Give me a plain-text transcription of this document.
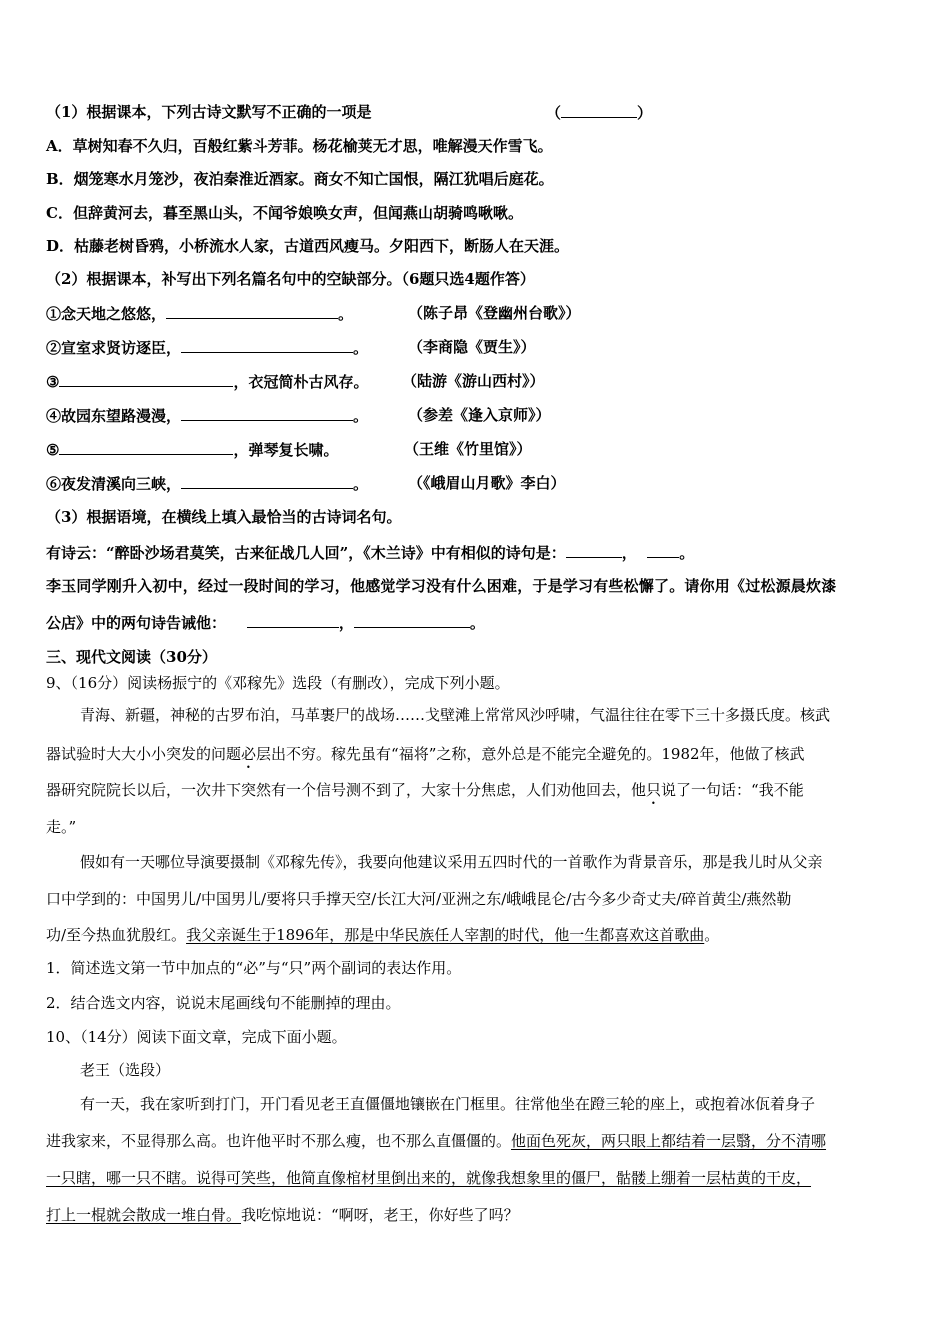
（1）根据课本，下列古诗文默写不正确的一项是	（	）
A．草树知春不久归，百般红紫斗芳菲。杨花榆荚无才思，唯解漫天作雪飞。
B．烟笼寒水月笼沙，夜泊秦淮近酒家。商女不知亡国恨，隔江犹唱后庭花。
C．但辞黄河去，暮至黑山头，不闻爷娘唤女声，但闻燕山胡骑鸣啾啾。
D．枯藤老树昏鸦，小桥流水人家，古道西风瘦马。夕阳西下，断肠人在天涯。
（2）根据课本，补写出下列名篇名句中的空缺部分。（6题只选4题作答）
①念天地之悠悠，	。	（陈子昂《登幽州台歌》）
②宣室求贤访逐臣，	。	（李商隐《贾生》）
③	，衣冠简朴古风存。 （陆游《游山西村》）
④故园东望路漫漫，	。	（参差《逢入京师》）
⑤	，弹琴复长啸。	（王维《竹里馆》）
⑥夜发清溪向三峡，	。	（《峨眉山月歌》李白）
（3）根据语境，在横线上填入最恰当的古诗词名句。
有诗云：“醉卧沙场君莫笑，古来征战几人回”，《木兰诗》中有相似的诗句是：	，	。
李玉同学刚升入初中，经过一段时间的学习，他感觉学习没有什么困难，于是学习有些松懈了。请你用《过松源晨炊漆
公店》中的两句诗告诫他：	，	。
三、现代文阅读（30分）
9、（16分）阅读杨振宁的《邓稼先》选段（有删改），完成下列小题。
青海、新疆，神秘的古罗布泊，马革裹尸的战场……戈壁滩上常常风沙呼啸，气温往往在零下三十多摄氏度。核武
器试验时大大小小突发的问题必层出不穷。稼先虽有“福将”之称，意外总是不能完全避免的。1982年，他做了核武
器研究院院长以后，一次井下突然有一个信号测不到了，大家十分焦虑，人们劝他回去，他只说了一句话：“我不能
走。”
假如有一天哪位导演要摄制《邓稼先传》，我要向他建议采用五四时代的一首歌作为背景音乐，那是我儿时从父亲
口中学到的：中国男儿/中国男儿/要将只手撑天空/长江大河/亚洲之东/峨峨昆仑/古今多少奇丈夫/碎首黄尘/燕然勒
功/至今热血犹殷红。我父亲诞生于1896年，那是中华民族任人宰割的时代，他一生都喜欢这首歌曲。
1．简述选文第一节中加点的“必”与“只”两个副词的表达作用。
2．结合选文内容，说说末尾画线句不能删掉的理由。
10、（14分）阅读下面文章，完成下面小题。
老王（选段）
有一天，我在家听到打门，开门看见老王直僵僵地镶嵌在门框里。往常他坐在蹬三轮的座上，或抱着冰佤着身子
进我家来，不显得那么高。也许他平时不那么瘦，也不那么直僵僵的。他面色死灰，两只眼上都结着一层翳，分不清哪
一只瞎，哪一只不瞎。说得可笑些，他简直像棺材里倒出来的，就像我想象里的僵尸，骷髅上绷着一层枯黄的干皮，
打上一棍就会散成一堆白骨。我吃惊地说：“啊呀，老王，你好些了吗？
